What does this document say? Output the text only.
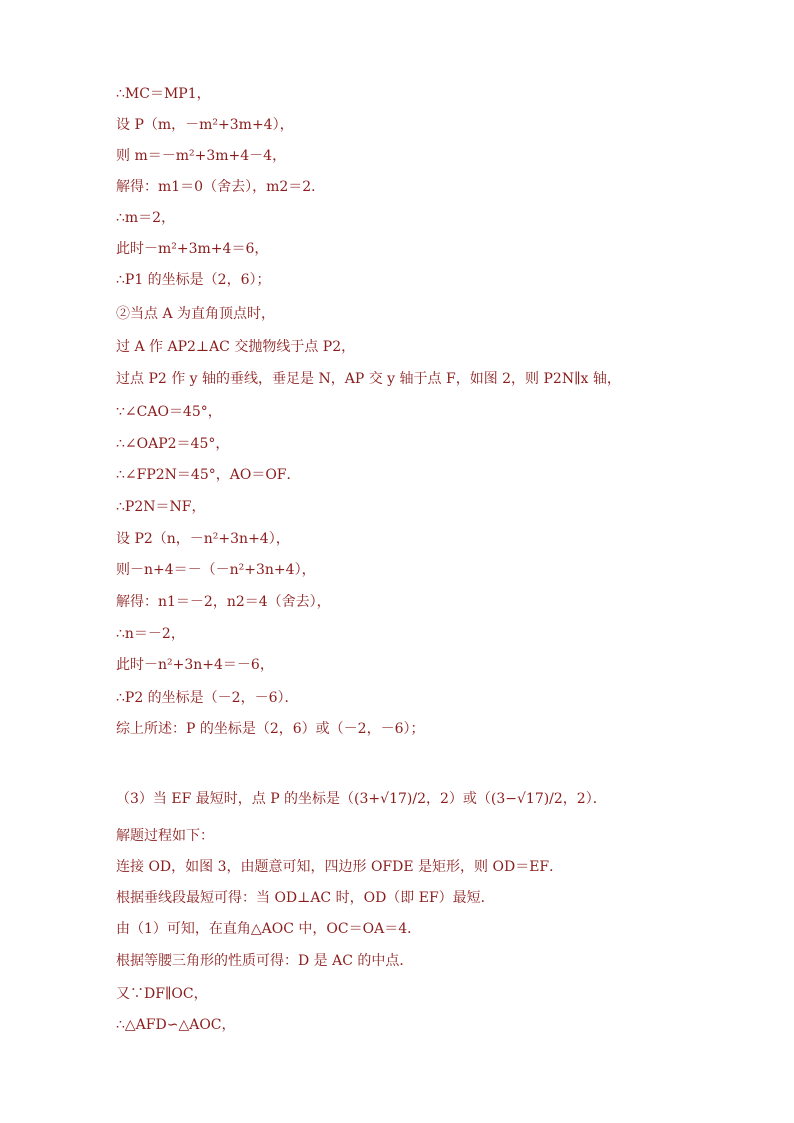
∴MC＝MP1，
设 P（m，－m²+3m+4），
则 m＝－m²+3m+4－4，
解得：m1＝0（舍去），m2＝2．
∴m＝2，
此时－m²+3m+4＝6，
∴P1 的坐标是（2，6）；
②当点 A 为直角顶点时，
过 A 作 AP2⊥AC 交抛物线于点 P2，
过点 P2 作 y 轴的垂线，垂足是 N，AP 交 y 轴于点 F，如图 2，则 P2N∥x 轴，
∵∠CAO＝45°，
∴∠OAP2＝45°，
∴∠FP2N＝45°，AO＝OF．
∴P2N＝NF，
设 P2（n，－n²+3n+4），
则－n+4＝－（－n²+3n+4），
解得：n1＝－2，n2＝4（舍去），
∴n＝－2，
此时－n²+3n+4＝－6，
∴P2 的坐标是（－2，－6）．
综上所述：P 的坐标是（2，6）或（－2，－6）；
（3）当 EF 最短时，点 P 的坐标是（(3+√17)/2，2）或（(3−√17)/2，2）．
解题过程如下：
连接 OD，如图 3，由题意可知，四边形 OFDE 是矩形，则 OD＝EF．
根据垂线段最短可得：当 OD⊥AC 时，OD（即 EF）最短．
由（1）可知，在直角△AOC 中，OC＝OA＝4．
根据等腰三角形的性质可得：D 是 AC 的中点．
又∵DF∥OC，
∴△AFD∽△AOC，
